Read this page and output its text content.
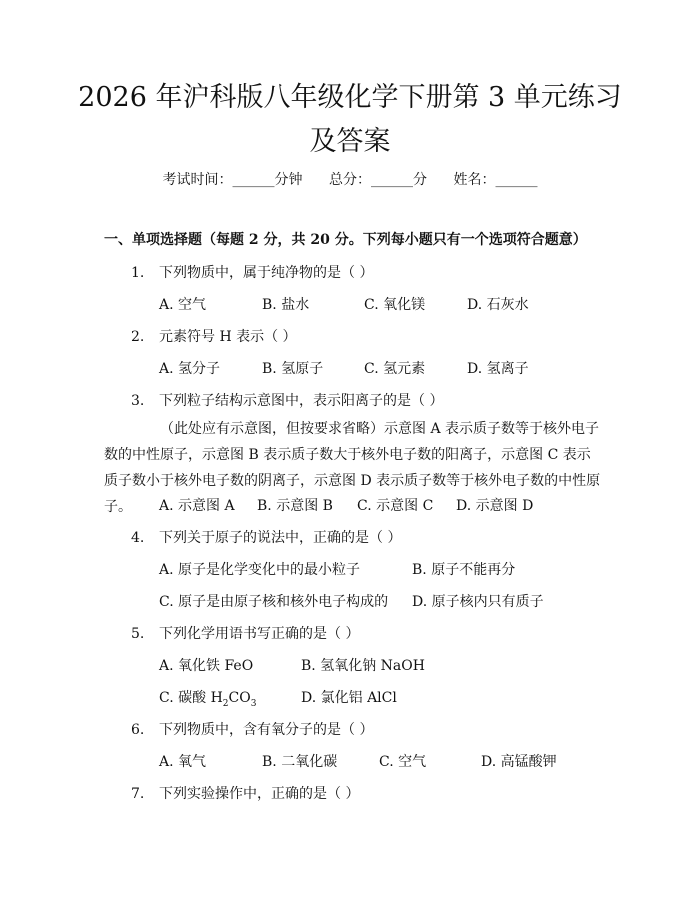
2026 年沪科版八年级化学下册第 3 单元练习
及答案
考试时间：______分钟 总分：______分 姓名：______
一、单项选择题（每题 2 分，共 20 分。下列每小题只有一个选项符合题意）
1. 下列物质中，属于纯净物的是（ ）
A. 空气	B. 盐水	C. 氧化镁	D. 石灰水
2. 元素符号 H 表示（ ）
A. 氢分子	B. 氢原子	C. 氢元素	D. 氢离子
3. 下列粒子结构示意图中，表示阳离子的是（ ）
（此处应有示意图，但按要求省略）示意图 A 表示质子数等于核外电子数的中性原子，示意图 B 表示质子数大于核外电子数的阳离子，示意图 C 表示质子数小于核外电子数的阴离子，示意图 D 表示质子数等于核外电子数的中性原子。	A. 示意图 A B. 示意图 B C. 示意图 C D. 示意图 D
4. 下列关于原子的说法中，正确的是（ ）
A. 原子是化学变化中的最小粒子	B. 原子不能再分
C. 原子是由原子核和核外电子构成的 D. 原子核内只有质子
5. 下列化学用语书写正确的是（ ）
A. 氧化铁 FeO	B. 氢氧化钠 NaOH
C. 碳酸 $H_2CO_3$	D. 氯化铝 AlCl
6. 下列物质中，含有氧分子的是（ ）
A. 氧气	B. 二氧化碳	C. 空气	D. 高锰酸钾
7. 下列实验操作中，正确的是（ ）
